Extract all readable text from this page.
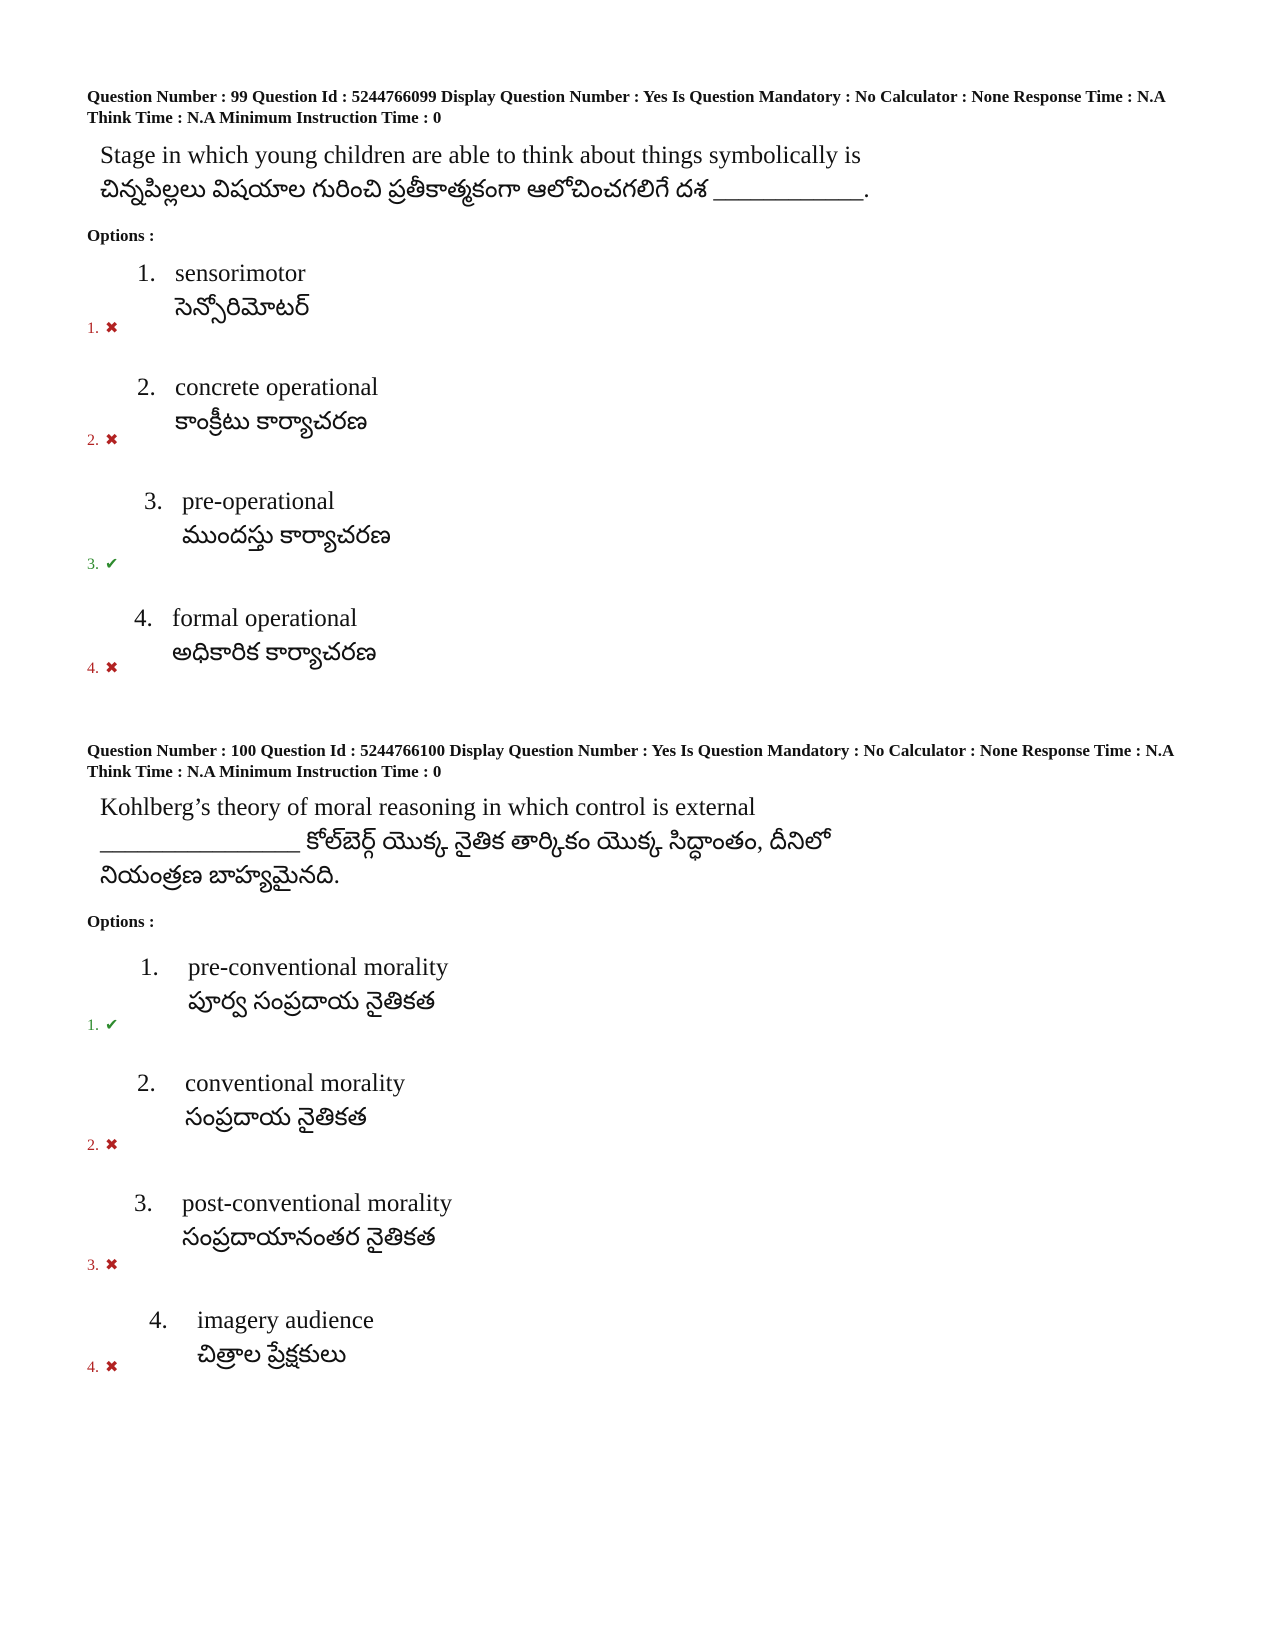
Question Number : 99 Question Id : 5244766099 Display Question Number : Yes Is Question Mandatory : No Calculator : None Response Time : N.A Think Time : N.A Minimum Instruction Time : 0
Stage in which young children are able to think about things symbolically is
చిన్నపిల్లలు విషయాల గురించి ప్రతీకాత్మకంగా ఆలోచించగలిగే దశ ____________.
Options :
1. sensorimotor
సెన్సోరిమోటర్
1. ✖
2. concrete operational
కాంక్రీటు కార్యాచరణ
2. ✖
3. pre-operational
ముందస్తు కార్యాచరణ
3. ✔
4. formal operational
అధికారిక కార్యాచరణ
4. ✖
Question Number : 100 Question Id : 5244766100 Display Question Number : Yes Is Question Mandatory : No Calculator : None Response Time : N.A Think Time : N.A Minimum Instruction Time : 0
Kohlberg’s theory of moral reasoning in which control is external
________________ కోల్‌బెర్గ్ యొక్క నైతిక తార్కికం యొక్క సిద్ధాంతం, దీనిలో
నియంత్రణ బాహ్యమైనది.
Options :
1. pre-conventional morality
పూర్వ సంప్రదాయ నైతికత
1. ✔
2. conventional morality
సంప్రదాయ నైతికత
2. ✖
3. post-conventional morality
సంప్రదాయానంతర నైతికత
3. ✖
4. imagery audience
చిత్రాల ప్రేక్షకులు
4. ✖
